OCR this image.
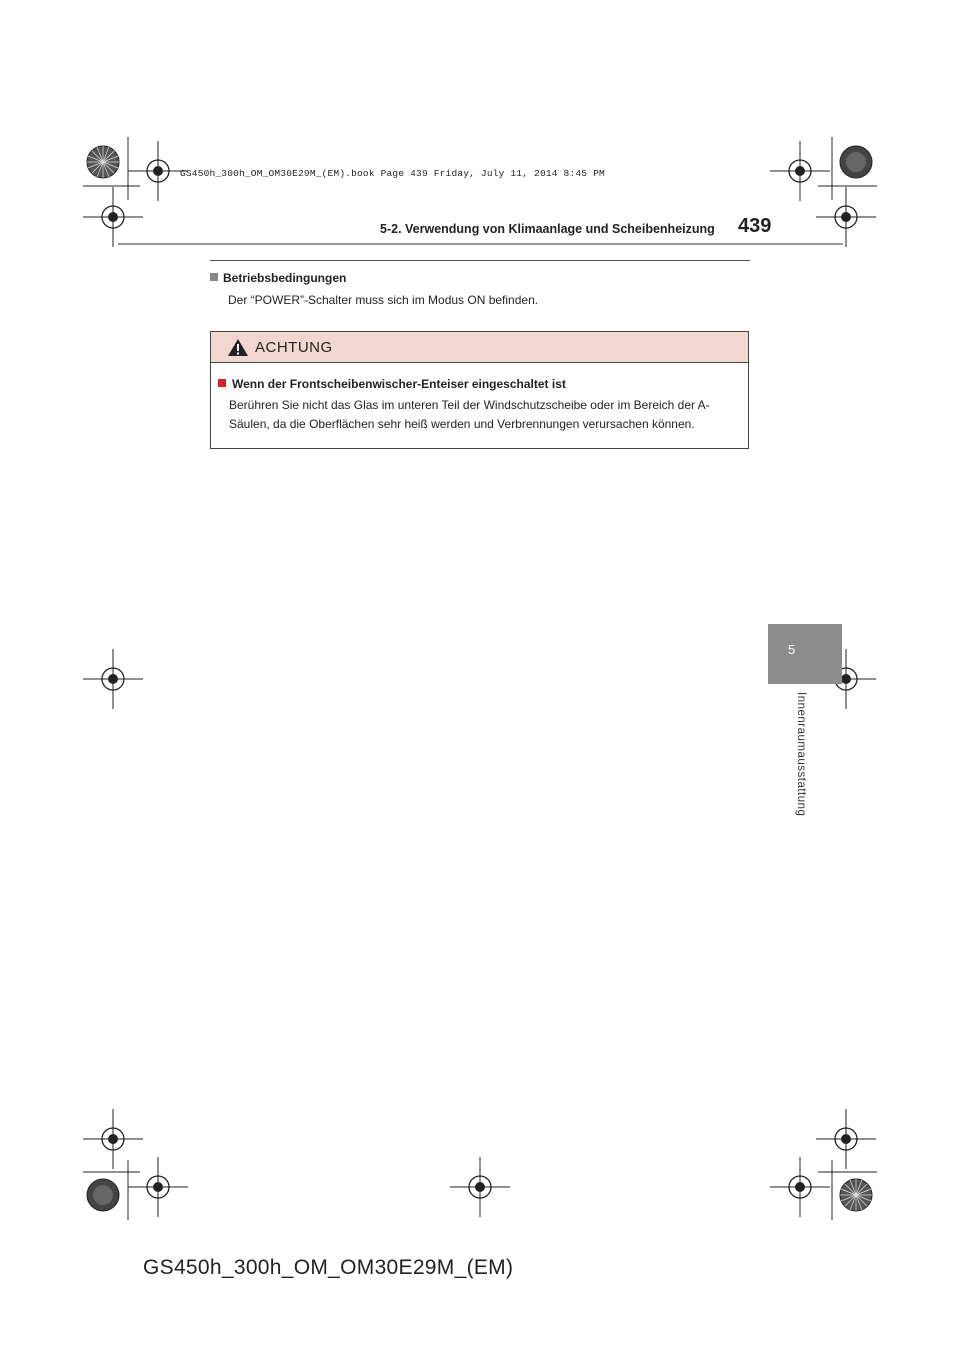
GS450h_300h_OM_OM30E29M_(EM).book Page 439 Friday, July 11, 2014 8:45 PM
5-2. Verwendung von Klimaanlage und Scheibenheizung 439
Betriebsbedingungen
Der “POWER”-Schalter muss sich im Modus ON befinden.
ACHTUNG
Wenn der Frontscheibenwischer-Enteiser eingeschaltet ist
Berühren Sie nicht das Glas im unteren Teil der Windschutzscheibe oder im Bereich der A-Säulen, da die Oberflächen sehr heiß werden und Verbrennungen verursachen können.
5
Innenraumausstattung
GS450h_300h_OM_OM30E29M_(EM)
